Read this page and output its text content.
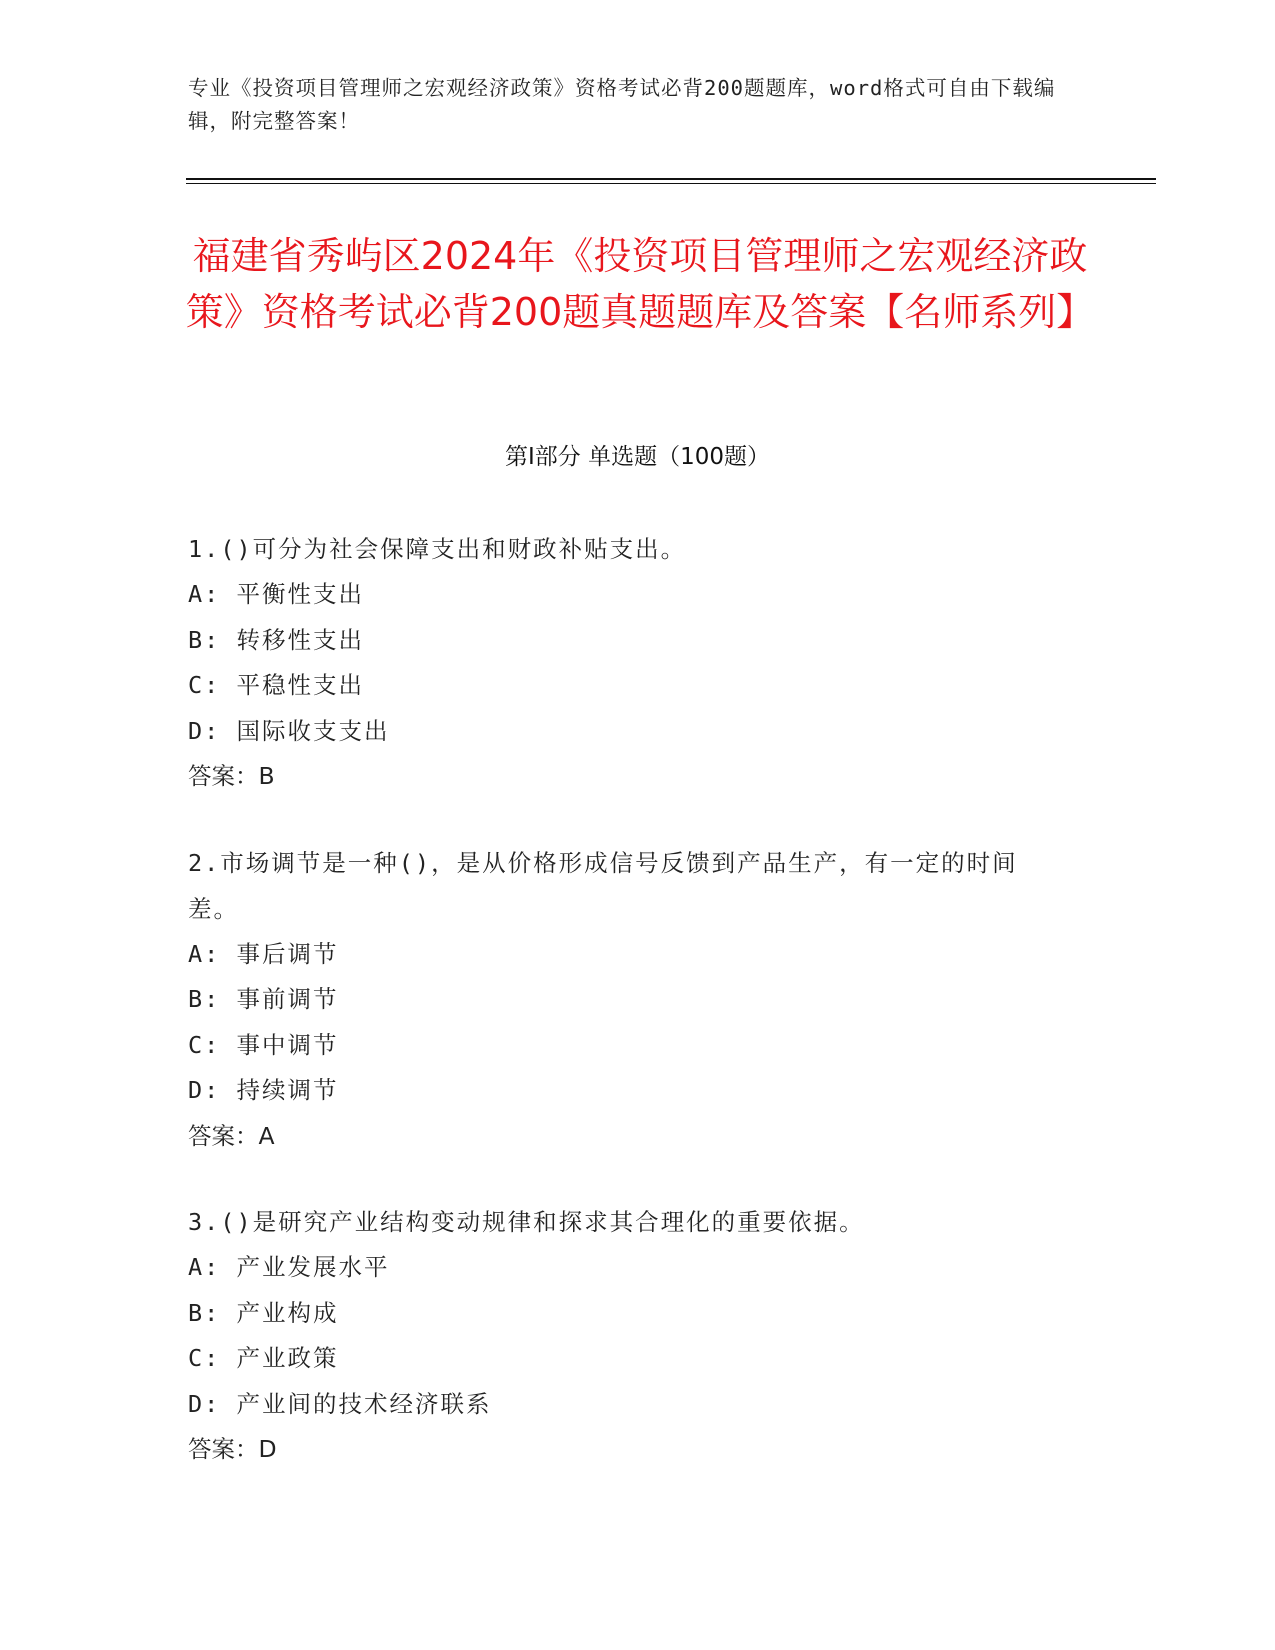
专业《投资项目管理师之宏观经济政策》资格考试必背200题题库，word格式可自由下载编辑，附完整答案！
福建省秀屿区2024年《投资项目管理师之宏观经济政策》资格考试必背200题真题题库及答案【名师系列】
第I部分 单选题（100题）

1.()可分为社会保障支出和财政补贴支出。

A: 平衡性支出

B: 转移性支出

C: 平稳性支出

D: 国际收支支出

答案：B

2.市场调节是一种()，是从价格形成信号反馈到产品生产，有一定的时间差。

A: 事后调节

B: 事前调节

C: 事中调节

D: 持续调节

答案：A

3.()是研究产业结构变动规律和探求其合理化的重要依据。

A: 产业发展水平

B: 产业构成

C: 产业政策

D: 产业间的技术经济联系

答案：D
